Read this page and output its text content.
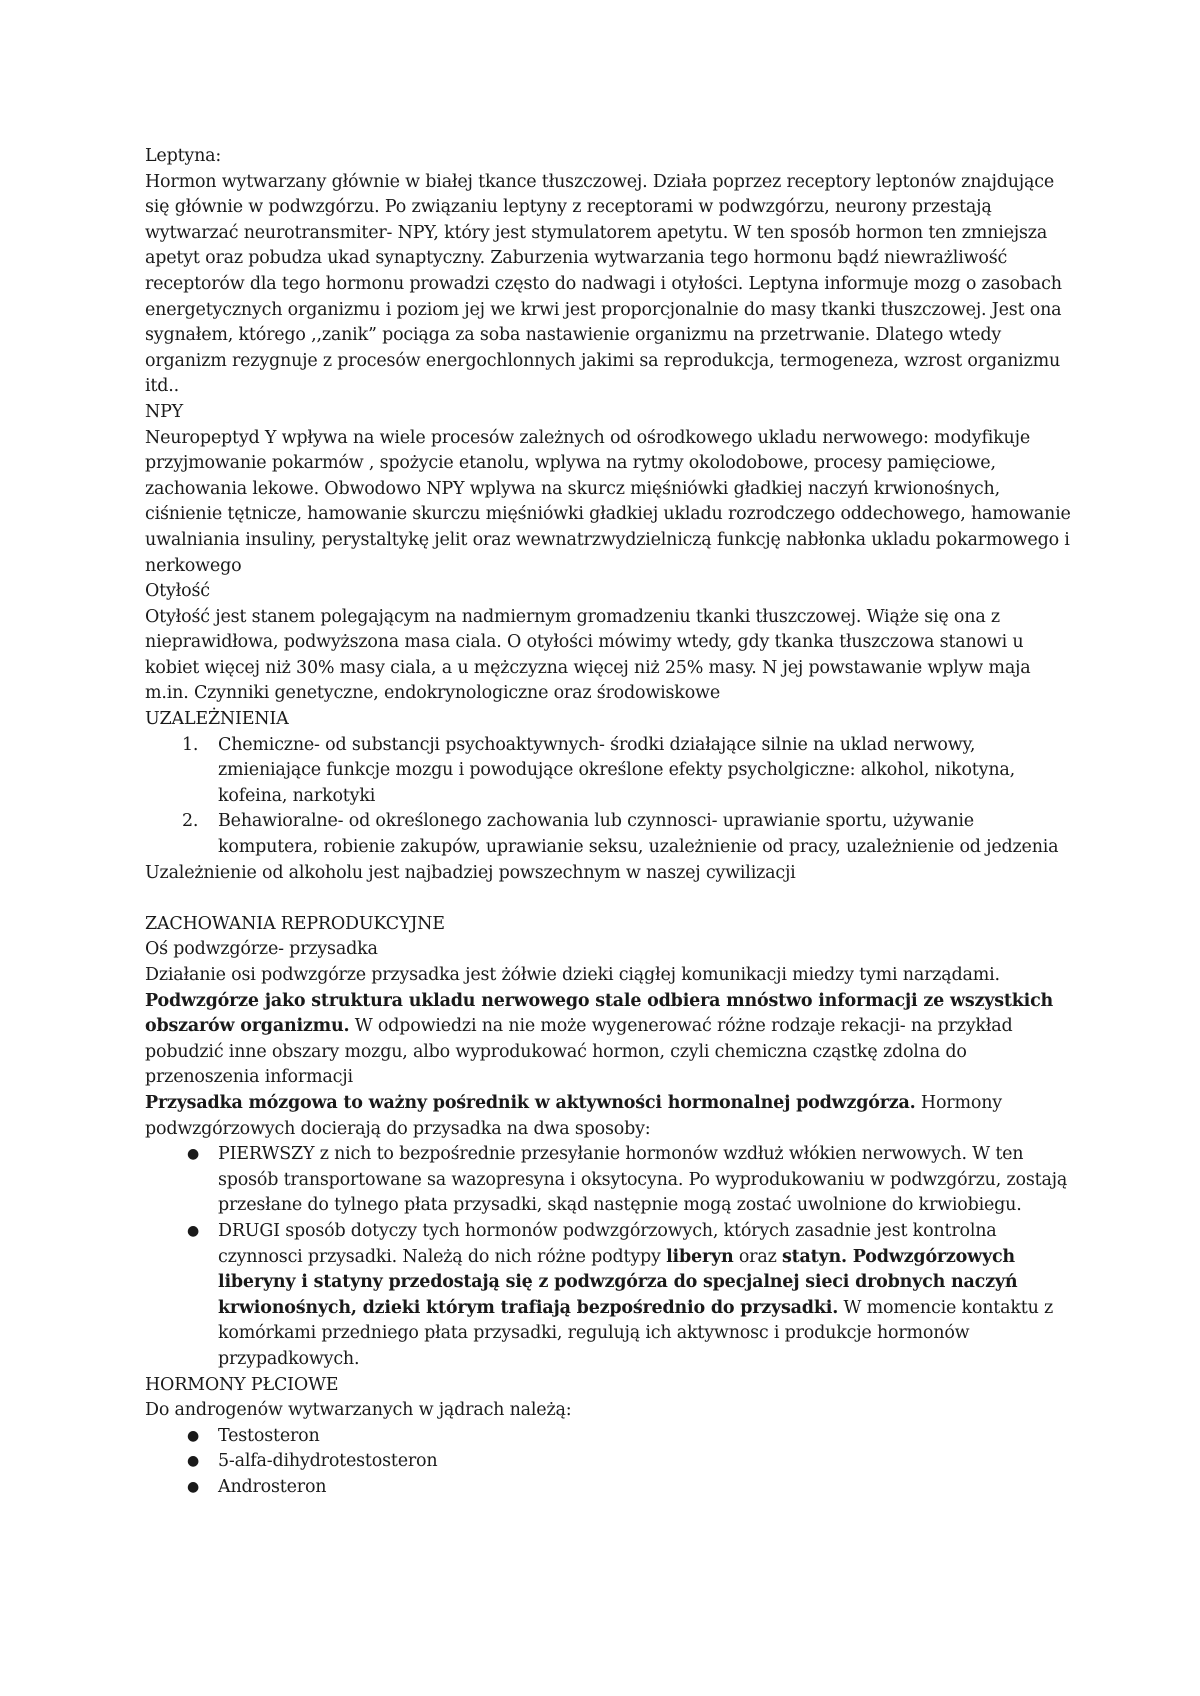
Leptyna:

Hormon wytwarzany głównie w białej tkance tłuszczowej. Działa poprzez receptory leptonów znajdujące się głównie w podwzgórzu. Po związaniu leptyny z receptorami w podwzgórzu, neurony przestają wytwarzać neurotransmiter- NPY, który jest stymulatorem apetytu. W ten sposób hormon ten zmniejsza apetyt oraz pobudza ukad synaptyczny. Zaburzenia wytwarzania tego hormonu bądź niewrażliwość receptorów dla tego hormonu prowadzi często do nadwagi i otyłości. Leptyna informuje mozg o zasobach energetycznych organizmu i poziom jej we krwi jest proporcjonalnie do masy tkanki tłuszczowej. Jest ona sygnałem, którego ,,zanik” pociąga za soba nastawienie organizmu na przetrwanie. Dlatego wtedy organizm rezygnuje z procesów energochlonnych jakimi sa reprodukcja, termogeneza, wzrost organizmu itd..

NPY

Neuropeptyd Y wpływa na wiele procesów zależnych od ośrodkowego ukladu nerwowego: modyfikuje przyjmowanie pokarmów , spożycie etanolu, wplywa na rytmy okolodobowe, procesy pamięciowe, zachowania lekowe. Obwodowo NPY wplywa na skurcz mięśniówki gładkiej naczyń krwionośnych, ciśnienie tętnicze, hamowanie skurczu mięśniówki gładkiej ukladu rozrodczego oddechowego, hamowanie uwalniania insuliny, perystaltykę jelit oraz wewnatrzwydzielniczą funkcję nabłonka ukladu pokarmowego i nerkowego

Otyłość

Otyłość jest stanem polegającym na nadmiernym gromadzeniu tkanki tłuszczowej. Wiąże się ona z nieprawidłowa, podwyższona masa ciala. O otyłości mówimy wtedy, gdy tkanka tłuszczowa stanowi u kobiet więcej niż 30% masy ciala, a u mężczyzna więcej niż 25% masy. N jej powstawanie wplyw maja m.in. Czynniki genetyczne, endokrynologiczne oraz środowiskowe

UZALEŻNIENIA

1. Chemiczne- od substancji psychoaktywnych- środki działające silnie na uklad nerwowy, zmieniające funkcje mozgu i powodujące określone efekty psycholgiczne: alkohol, nikotyna, kofeina, narkotyki
2. Behawioralne- od określonego zachowania lub czynnosci- uprawianie sportu, używanie komputera, robienie zakupów, uprawianie seksu, uzależnienie od pracy, uzależnienie od jedzenia

Uzależnienie od alkoholu jest najbadziej powszechnym w naszej cywilizacji

ZACHOWANIA REPRODUKCYJNE

Oś podwzgórze- przysadka

Działanie osi podwzgórze przysadka jest żółwie dzieki ciągłej komunikacji miedzy tymi narządami.

Podwzgórze jako struktura ukladu nerwowego stale odbiera mnóstwo informacji ze wszystkich obszarów organizmu. W odpowiedzi na nie może wygenerować różne rodzaje rekacji- na przykład pobudzić inne obszary mozgu, albo wyprodukować hormon, czyli chemiczna cząstkę zdolna do przenoszenia informacji

Przysadka mózgowa to ważny pośrednik w aktywności hormonalnej podwzgórza. Hormony podwzgórzowych docierają do przysadka na dwa sposoby:

● PIERWSZY z nich to bezpośrednie przesyłanie hormonów wzdłuż włókien nerwowych. W ten sposób transportowane sa wazopresyna i oksytocyna. Po wyprodukowaniu w podwzgórzu, zostają przesłane do tylnego płata przysadki, skąd następnie mogą zostać uwolnione do krwiobiegu.
● DRUGI sposób dotyczy tych hormonów podwzgórzowych, których zasadnie jest kontrolna czynnosci przysadki. Należą do nich różne podtypy liberyn oraz statyn. Podwzgórzowych liberyny i statyny przedostają się z podwzgórza do specjalnej sieci drobnych naczyń krwionośnych, dzieki którym trafiają bezpośrednio do przysadki. W momencie kontaktu z komórkami przedniego płata przysadki, regulują ich aktywnosc i produkcje hormonów przypadkowych.

HORMONY PŁCIOWE

Do androgenów wytwarzanych w jądrach należą:

● Testosteron
● 5-alfa-dihydrotestosteron
● Androsteron
